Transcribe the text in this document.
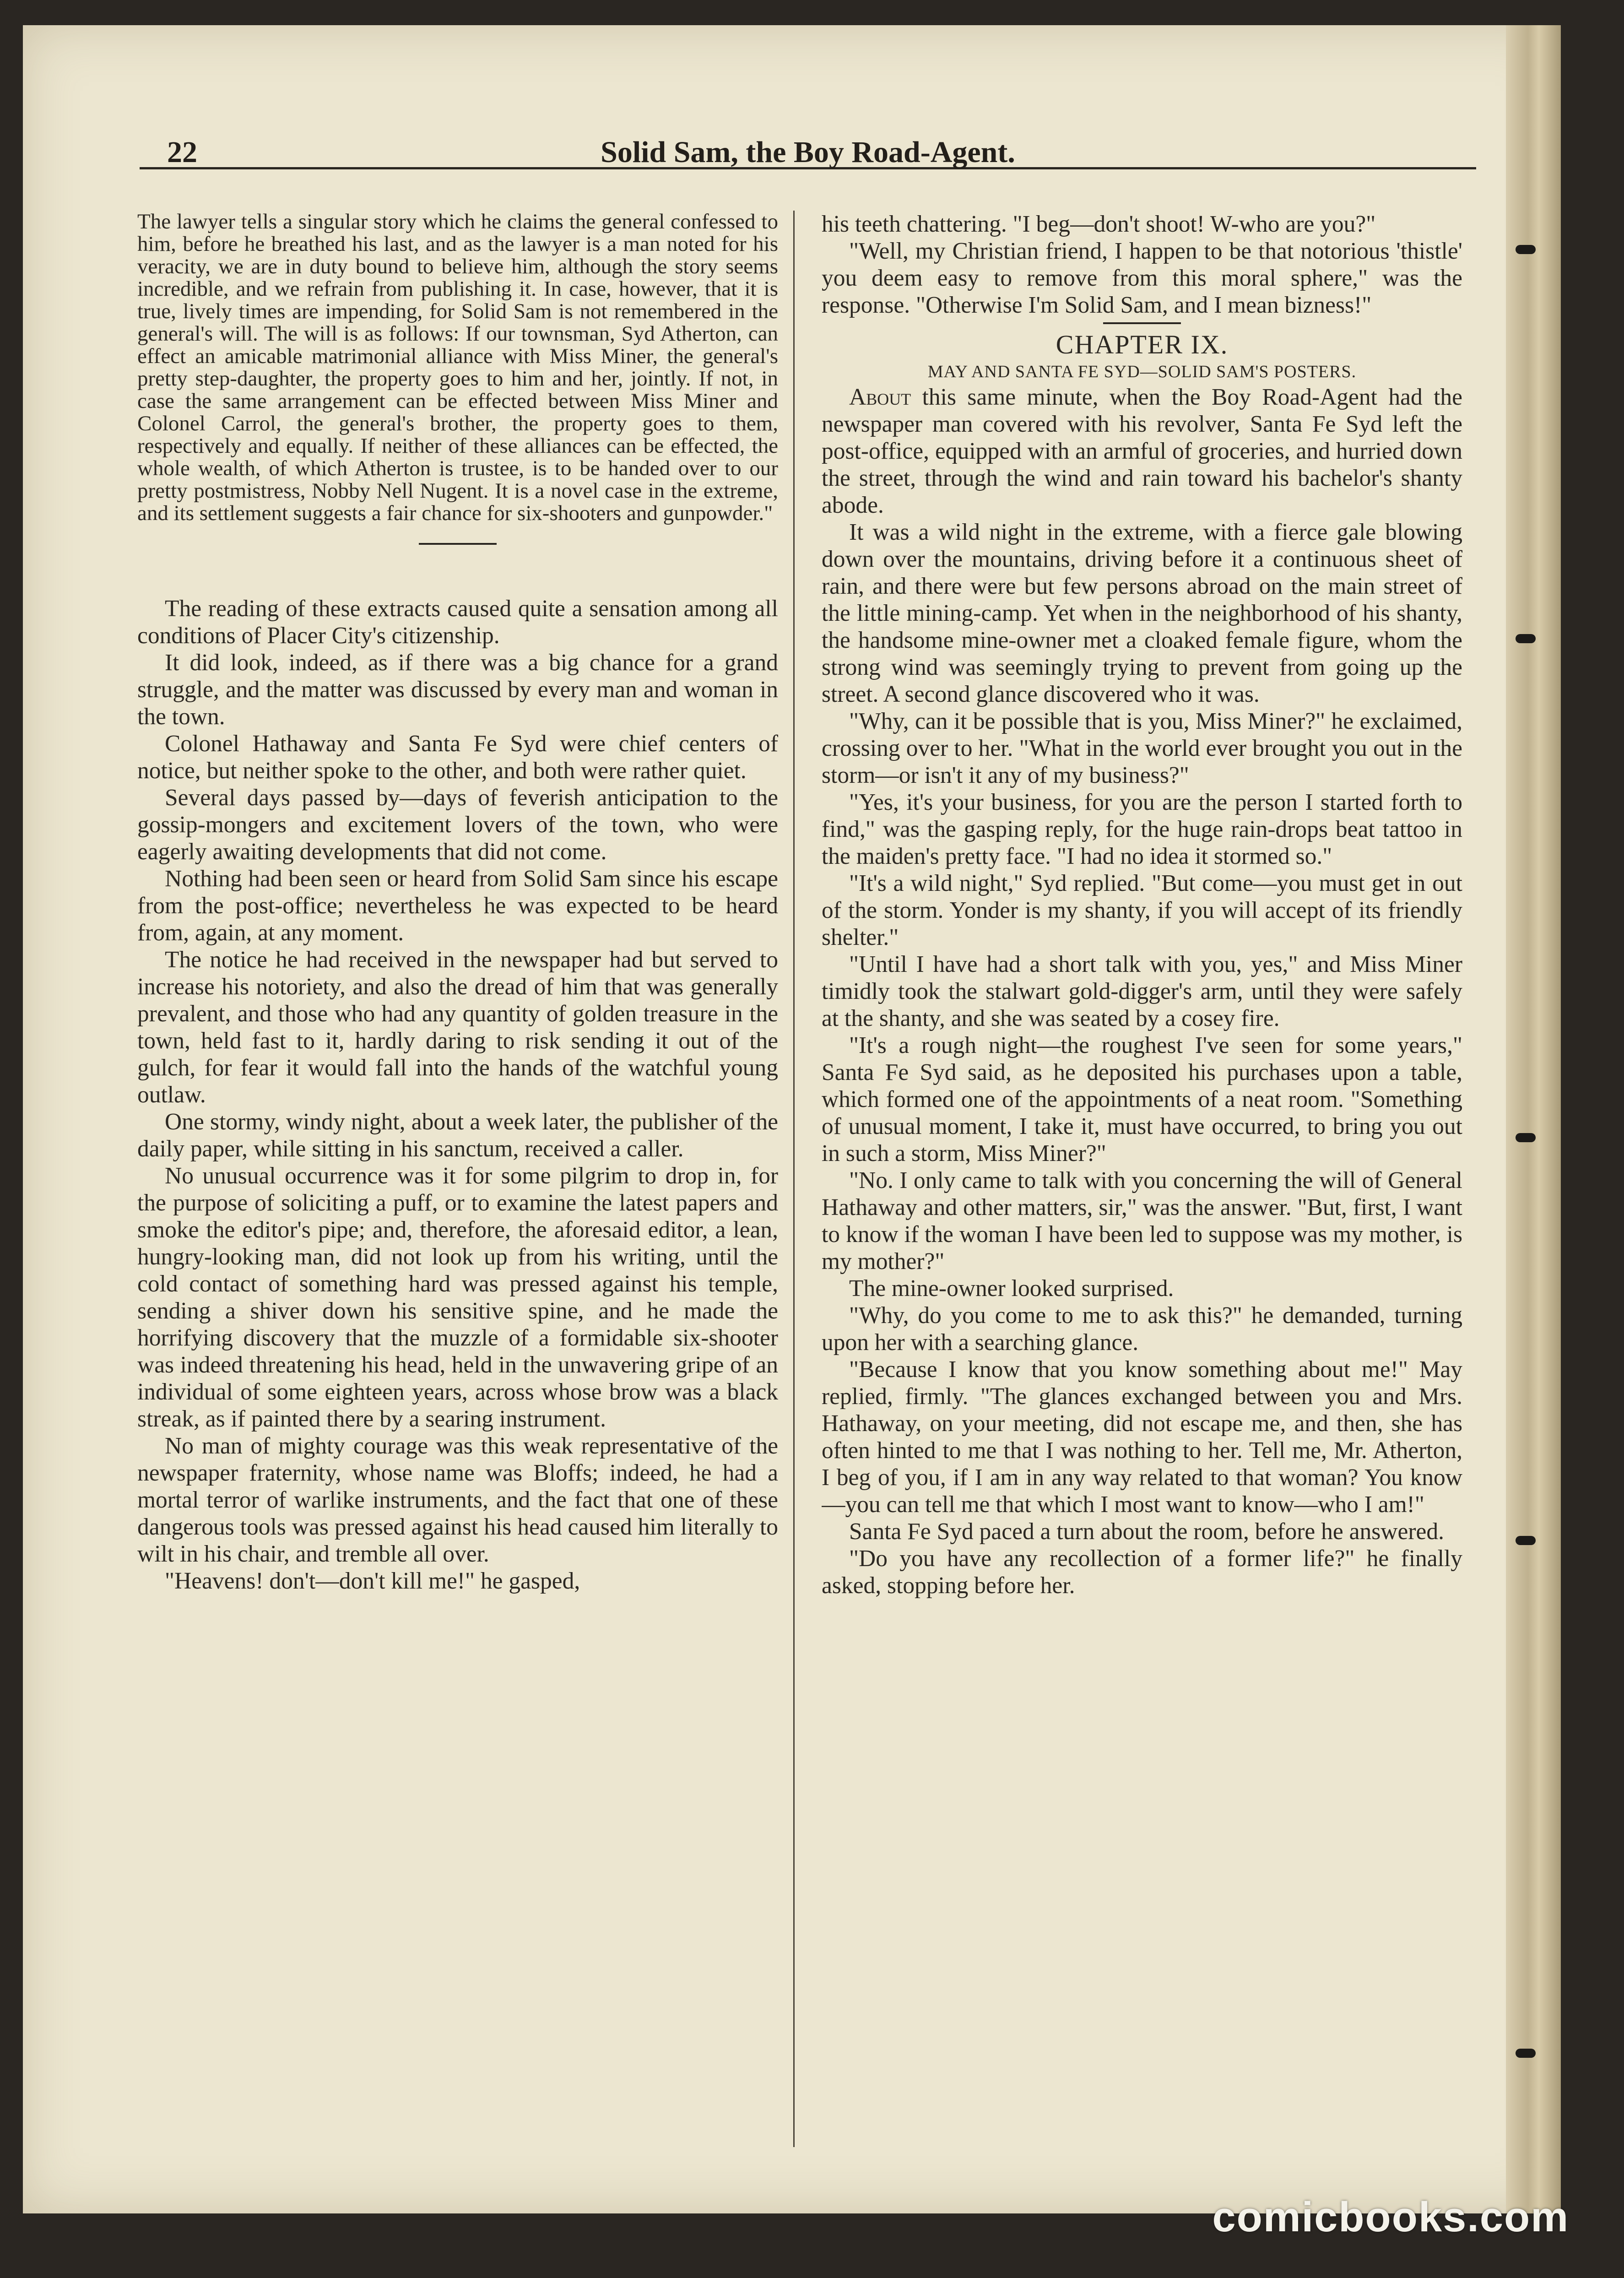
22	Solid Sam, the Boy Road-Agent.

The lawyer tells a singular story which he claims the general confessed to him, before he breathed his last, and as the lawyer is a man noted for his veracity, we are in duty bound to believe him, although the story seems incredible, and we refrain from publishing it. In case, however, that it is true, lively times are impending, for Solid Sam is not remembered in the general's will. The will is as follows: If our townsman, Syd Atherton, can effect an amicable matrimonial alliance with Miss Miner, the general's pretty step-daughter, the property goes to him and her, jointly. If not, in case the same arrangement can be effected between Miss Miner and Colonel Carrol, the general's brother, the property goes to them, respectively and equally. If neither of these alliances can be effected, the whole wealth, of which Atherton is trustee, is to be handed over to our pretty postmistress, Nobby Nell Nugent. It is a novel case in the extreme, and its settlement suggests a fair chance for six-shooters and gunpowder."

The reading of these extracts caused quite a sensation among all conditions of Placer City's citizenship.

It did look, indeed, as if there was a big chance for a grand struggle, and the matter was discussed by every man and woman in the town.

Colonel Hathaway and Santa Fe Syd were chief centers of notice, but neither spoke to the other, and both were rather quiet.

Several days passed by—days of feverish anticipation to the gossip-mongers and excitement lovers of the town, who were eagerly awaiting developments that did not come.

Nothing had been seen or heard from Solid Sam since his escape from the post-office; nevertheless he was expected to be heard from, again, at any moment.

The notice he had received in the newspaper had but served to increase his notoriety, and also the dread of him that was generally prevalent, and those who had any quantity of golden treasure in the town, held fast to it, hardly daring to risk sending it out of the gulch, for fear it would fall into the hands of the watchful young outlaw.

One stormy, windy night, about a week later, the publisher of the daily paper, while sitting in his sanctum, received a caller.

No unusual occurrence was it for some pilgrim to drop in, for the purpose of soliciting a puff, or to examine the latest papers and smoke the editor's pipe; and, therefore, the aforesaid editor, a lean, hungry-looking man, did not look up from his writing, until the cold contact of something hard was pressed against his temple, sending a shiver down his sensitive spine, and he made the horrifying discovery that the muzzle of a formidable six-shooter was indeed threatening his head, held in the unwavering gripe of an individual of some eighteen years, across whose brow was a black streak, as if painted there by a searing instrument.

No man of mighty courage was this weak representative of the newspaper fraternity, whose name was Bloffs; indeed, he had a mortal terror of warlike instruments, and the fact that one of these dangerous tools was pressed against his head caused him literally to wilt in his chair, and tremble all over.

"Heavens! don't—don't kill me!" he gasped,

his teeth chattering. "I beg—don't shoot! W-who are you?"

"Well, my Christian friend, I happen to be that notorious 'thistle' you deem easy to remove from this moral sphere," was the response. "Otherwise I'm Solid Sam, and I mean bizness!"

CHAPTER IX.

MAY AND SANTA FE SYD—SOLID SAM'S POSTERS.

About this same minute, when the Boy Road-Agent had the newspaper man covered with his revolver, Santa Fe Syd left the post-office, equipped with an armful of groceries, and hurried down the street, through the wind and rain toward his bachelor's shanty abode.

It was a wild night in the extreme, with a fierce gale blowing down over the mountains, driving before it a continuous sheet of rain, and there were but few persons abroad on the main street of the little mining-camp. Yet when in the neighborhood of his shanty, the handsome mine-owner met a cloaked female figure, whom the strong wind was seemingly trying to prevent from going up the street. A second glance discovered who it was.

"Why, can it be possible that is you, Miss Miner?" he exclaimed, crossing over to her. "What in the world ever brought you out in the storm—or isn't it any of my business?"

"Yes, it's your business, for you are the person I started forth to find," was the gasping reply, for the huge rain-drops beat tattoo in the maiden's pretty face. "I had no idea it stormed so."

"It's a wild night," Syd replied. "But come—you must get in out of the storm. Yonder is my shanty, if you will accept of its friendly shelter."

"Until I have had a short talk with you, yes," and Miss Miner timidly took the stalwart gold-digger's arm, until they were safely at the shanty, and she was seated by a cosey fire.

"It's a rough night—the roughest I've seen for some years," Santa Fe Syd said, as he deposited his purchases upon a table, which formed one of the appointments of a neat room. "Something of unusual moment, I take it, must have occurred, to bring you out in such a storm, Miss Miner?"

"No. I only came to talk with you concerning the will of General Hathaway and other matters, sir," was the answer. "But, first, I want to know if the woman I have been led to suppose was my mother, is my mother?"

The mine-owner looked surprised.

"Why, do you come to me to ask this?" he demanded, turning upon her with a searching glance.

"Because I know that you know something about me!" May replied, firmly. "The glances exchanged between you and Mrs. Hathaway, on your meeting, did not escape me, and then, she has often hinted to me that I was nothing to her. Tell me, Mr. Atherton, I beg of you, if I am in any way related to that woman? You know—you can tell me that which I most want to know—who I am!"

Santa Fe Syd paced a turn about the room, before he answered.

"Do you have any recollection of a former life?" he finally asked, stopping before her.

comicbooks.com
